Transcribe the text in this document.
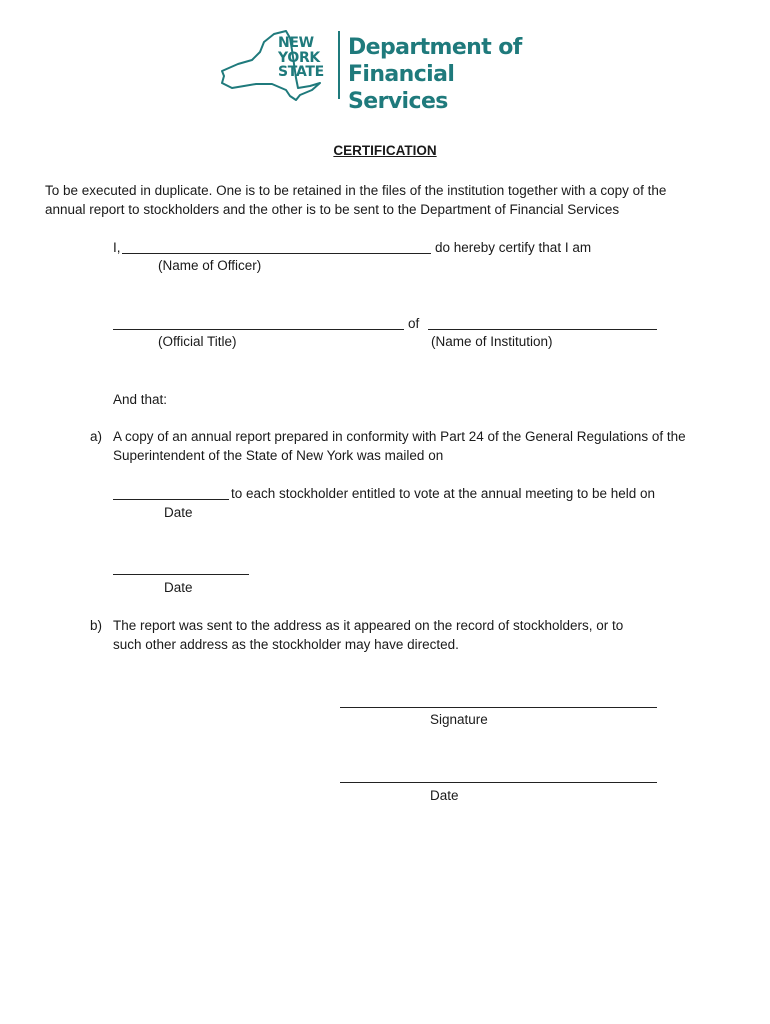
NEW
YORK
STATE
Department of
Financial Services
CERTIFICATION
To be executed in duplicate. One is to be retained in the files of the institution together with a copy of the
annual report to stockholders and the other is to be sent to the Department of Financial Services
I,	do hereby certify that I am
(Name of Officer)
of
(Official Title)	(Name of Institution)
And that:
a) A copy of an annual report prepared in conformity with Part 24 of the General Regulations of the
Superintendent of the State of New York was mailed on
to each stockholder entitled to vote at the annual meeting to be held on
Date
Date
b) The report was sent to the address as it appeared on the record of stockholders, or to
such other address as the stockholder may have directed.
Signature
Date
